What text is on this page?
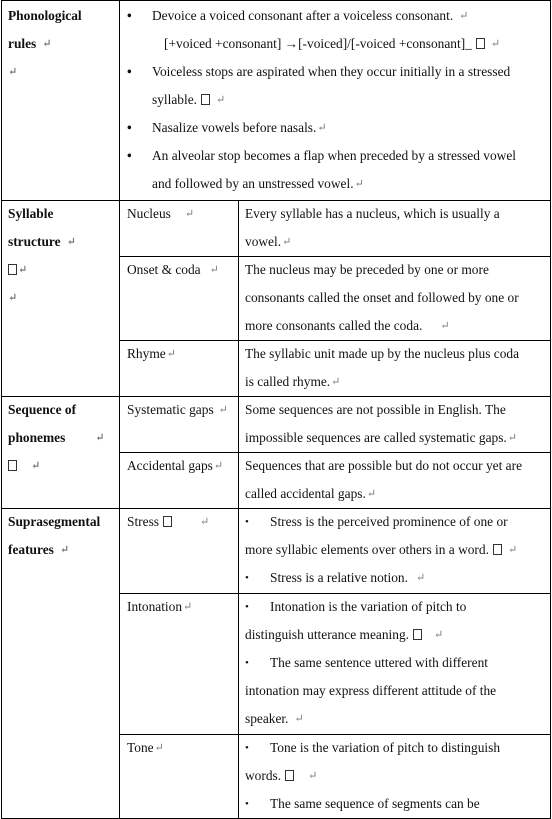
Phonological
rules ↵
↵
• Devoice a voiced consonant after a voiceless consonant. ↵
[+voiced +consonant] →[-voiced]/[-voiced +consonant]_ ↵
• Voiceless stops are aspirated when they occur initially in a stressed
syllable. ↵
• Nasalize vowels before nasals.↵
• An alveolar stop becomes a flap when preceded by a stressed vowel
and followed by an unstressed vowel.↵
Syllable
structure ↵
↵
↵
Nucleus ↵	Every syllable has a nucleus, which is usually a
vowel.↵
Onset & coda ↵	The nucleus may be preceded by one or more
consonants called the onset and followed by one or
more consonants called the coda. ↵
Rhyme↵	The syllabic unit made up by the nucleus plus coda
is called rhyme.↵
Sequence of
phonemes	↵
↵
Systematic gaps ↵	Some sequences are not possible in English. The
impossible sequences are called systematic gaps.↵
Accidental gaps↵	Sequences that are possible but do not occur yet are
called accidental gaps.↵
Suprasegmental
features ↵
Stress	↵	• Stress is the perceived prominence of one or
more syllabic elements over others in a word. ↵
• Stress is a relative notion. ↵
Intonation↵	• Intonation is the variation of pitch to
distinguish utterance meaning. ↵
• The same sentence uttered with different
intonation may express different attitude of the
speaker. ↵
Tone↵	• Tone is the variation of pitch to distinguish
words. ↵
• The same sequence of segments can be
